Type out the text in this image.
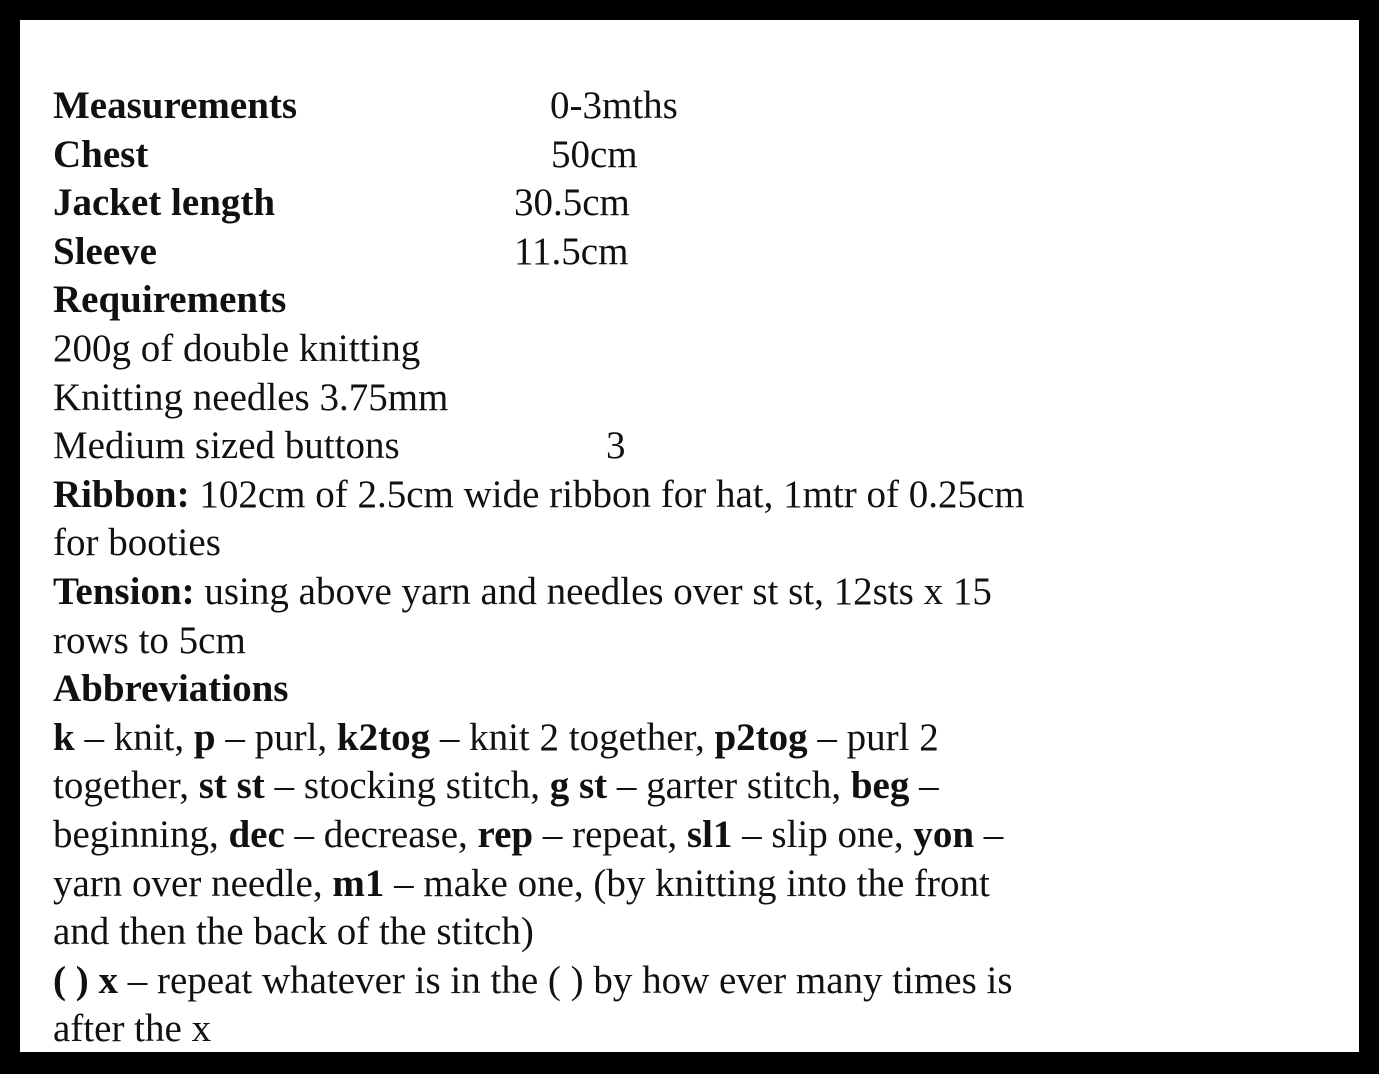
Measurements	0-3mths
Chest	50cm
Jacket length	30.5cm
Sleeve	11.5cm
Requirements
200g of double knitting
Knitting needles 3.75mm
Medium sized buttons	3
Ribbon: 102cm of 2.5cm wide ribbon for hat, 1mtr of 0.25cm
for booties
Tension: using above yarn and needles over st st, 12sts x 15
rows to 5cm
Abbreviations
k – knit, p – purl, k2tog – knit 2 together, p2tog – purl 2
together, st st – stocking stitch, g st – garter stitch, beg –
beginning, dec – decrease, rep – repeat, sl1 – slip one, yon –
yarn over needle, m1 – make one, (by knitting into the front
and then the back of the stitch)
( ) x – repeat whatever is in the ( ) by how ever many times is
after the x
